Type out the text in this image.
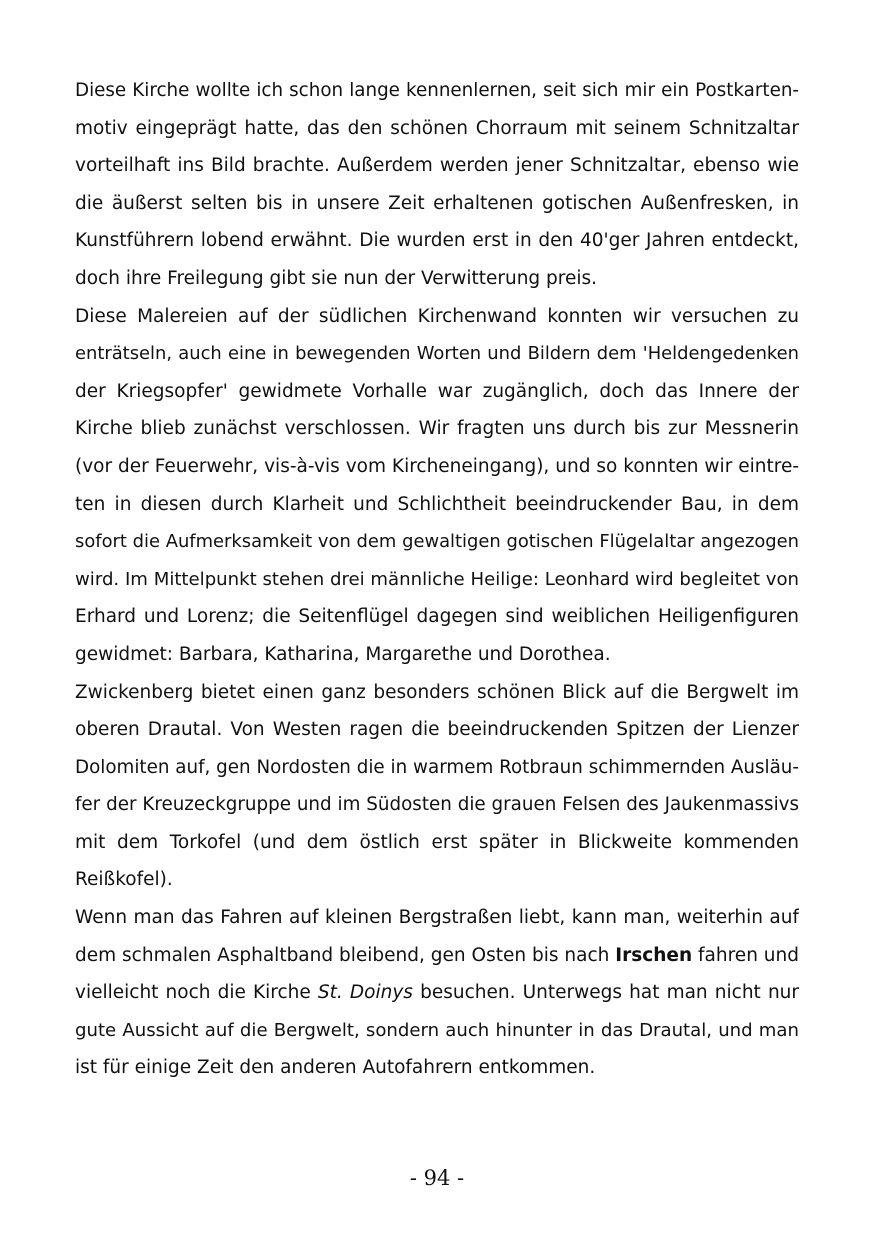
Diese Kirche wollte ich schon lange kennenlernen, seit sich mir ein Postkarten-
motiv eingeprägt hatte, das den schönen Chorraum mit seinem Schnitzaltar
vorteilhaft ins Bild brachte. Außerdem werden jener Schnitzaltar, ebenso wie
die äußerst selten bis in unsere Zeit erhaltenen gotischen Außenfresken, in
Kunstführern lobend erwähnt. Die wurden erst in den 40'ger Jahren entdeckt,
doch ihre Freilegung gibt sie nun der Verwitterung preis.
Diese Malereien auf der südlichen Kirchenwand konnten wir versuchen zu
enträtseln, auch eine in bewegenden Worten und Bildern dem 'Heldengedenken
der Kriegsopfer' gewidmete Vorhalle war zugänglich, doch das Innere der
Kirche blieb zunächst verschlossen. Wir fragten uns durch bis zur Messnerin
(vor der Feuerwehr, vis-à-vis vom Kircheneingang), und so konnten wir eintre-
ten in diesen durch Klarheit und Schlichtheit beeindruckender Bau, in dem
sofort die Aufmerksamkeit von dem gewaltigen gotischen Flügelaltar angezogen
wird. Im Mittelpunkt stehen drei männliche Heilige: Leonhard wird begleitet von
Erhard und Lorenz; die Seitenflügel dagegen sind weiblichen Heiligenfiguren
gewidmet: Barbara, Katharina, Margarethe und Dorothea.
Zwickenberg bietet einen ganz besonders schönen Blick auf die Bergwelt im
oberen Drautal. Von Westen ragen die beeindruckenden Spitzen der Lienzer
Dolomiten auf, gen Nordosten die in warmem Rotbraun schimmernden Ausläu-
fer der Kreuzeckgruppe und im Südosten die grauen Felsen des Jaukenmassivs
mit dem Torkofel (und dem östlich erst später in Blickweite kommenden
Reißkofel).
Wenn man das Fahren auf kleinen Bergstraßen liebt, kann man, weiterhin auf
dem schmalen Asphaltband bleibend, gen Osten bis nach Irschen fahren und
vielleicht noch die Kirche St. Doinys besuchen. Unterwegs hat man nicht nur
gute Aussicht auf die Bergwelt, sondern auch hinunter in das Drautal, und man
ist für einige Zeit den anderen Autofahrern entkommen.
- 94 -
